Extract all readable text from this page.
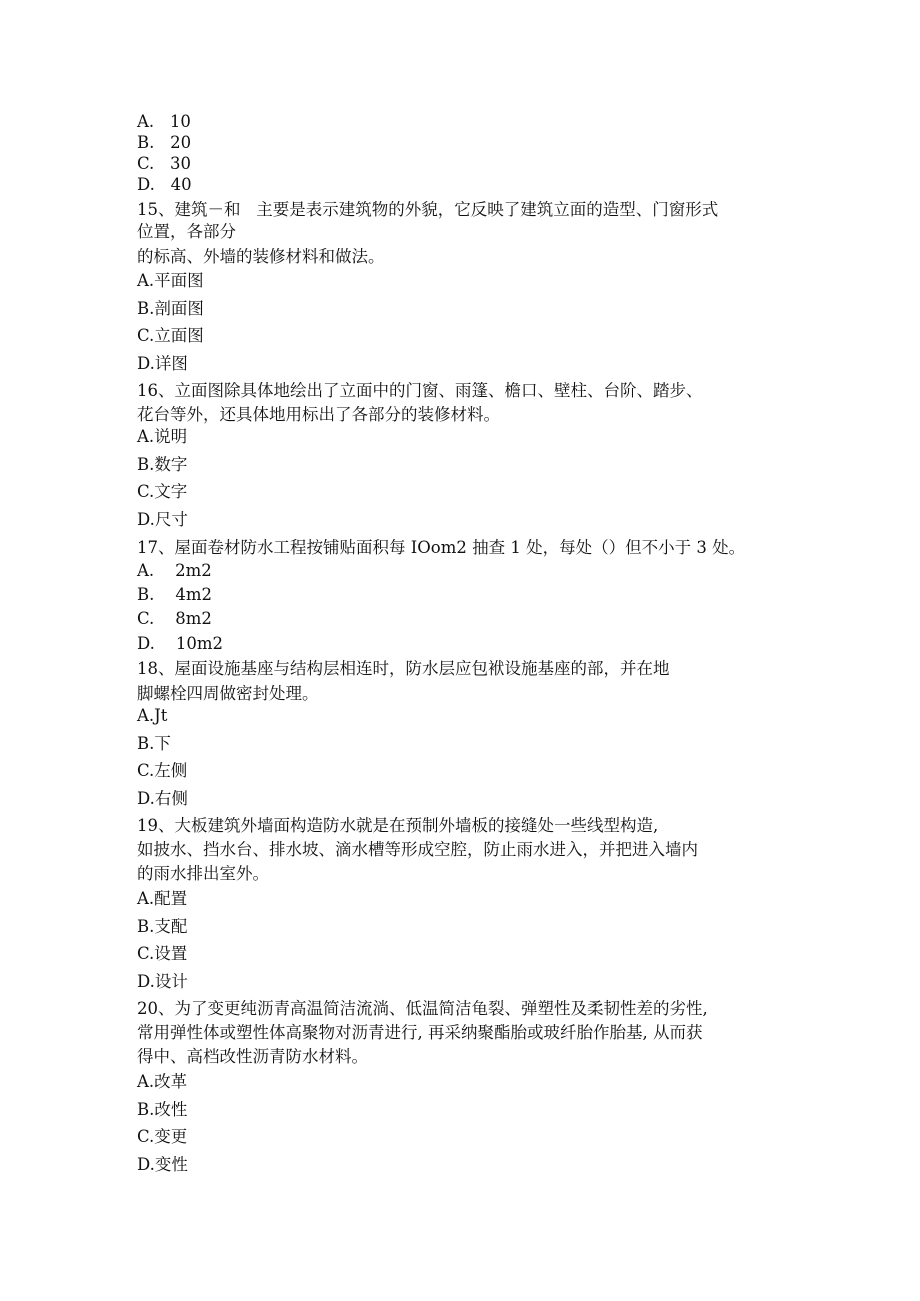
A.   10
B.   20
C.   30
D.   40
15、建筑－和   主要是表示建筑物的外貌，它反映了建筑立面的造型、门窗形式
位置，各部分
的标高、外墙的装修材料和做法。
A.平面图
B.剖面图
C.立面图
D.详图
16、立面图除具体地绘出了立面中的门窗、雨篷、檐口、壁柱、台阶、踏步、
花台等外，还具体地用标出了各部分的装修材料。
A.说明
B.数字
C.文字
D.尺寸
17、屋面卷材防水工程按铺贴面积每 IOom2 抽查 1 处，每处（）但不小于 3 处。
A.    2m2
B.    4m2
C.    8m2
D.    10m2
18、屋面设施基座与结构层相连时，防水层应包袱设施基座的部，并在地
脚螺栓四周做密封处理。
A.Jt
B.下
C.左侧
D.右侧
19、大板建筑外墙面构造防水就是在预制外墙板的接缝处一些线型构造,
如披水、挡水台、排水坡、滴水槽等形成空腔，防止雨水进入，并把进入墙内
的雨水排出室外。
A.配置
B.支配
C.设置
D.设计
20、为了变更纯沥青高温简洁流淌、低温简洁龟裂、弹塑性及柔韧性差的劣性,
常用弹性体或塑性体高聚物对沥青进行, 再采纳聚酯胎或玻纤胎作胎基, 从而获
得中、高档改性沥青防水材料。
A.改革
B.改性
C.变更
D.变性
